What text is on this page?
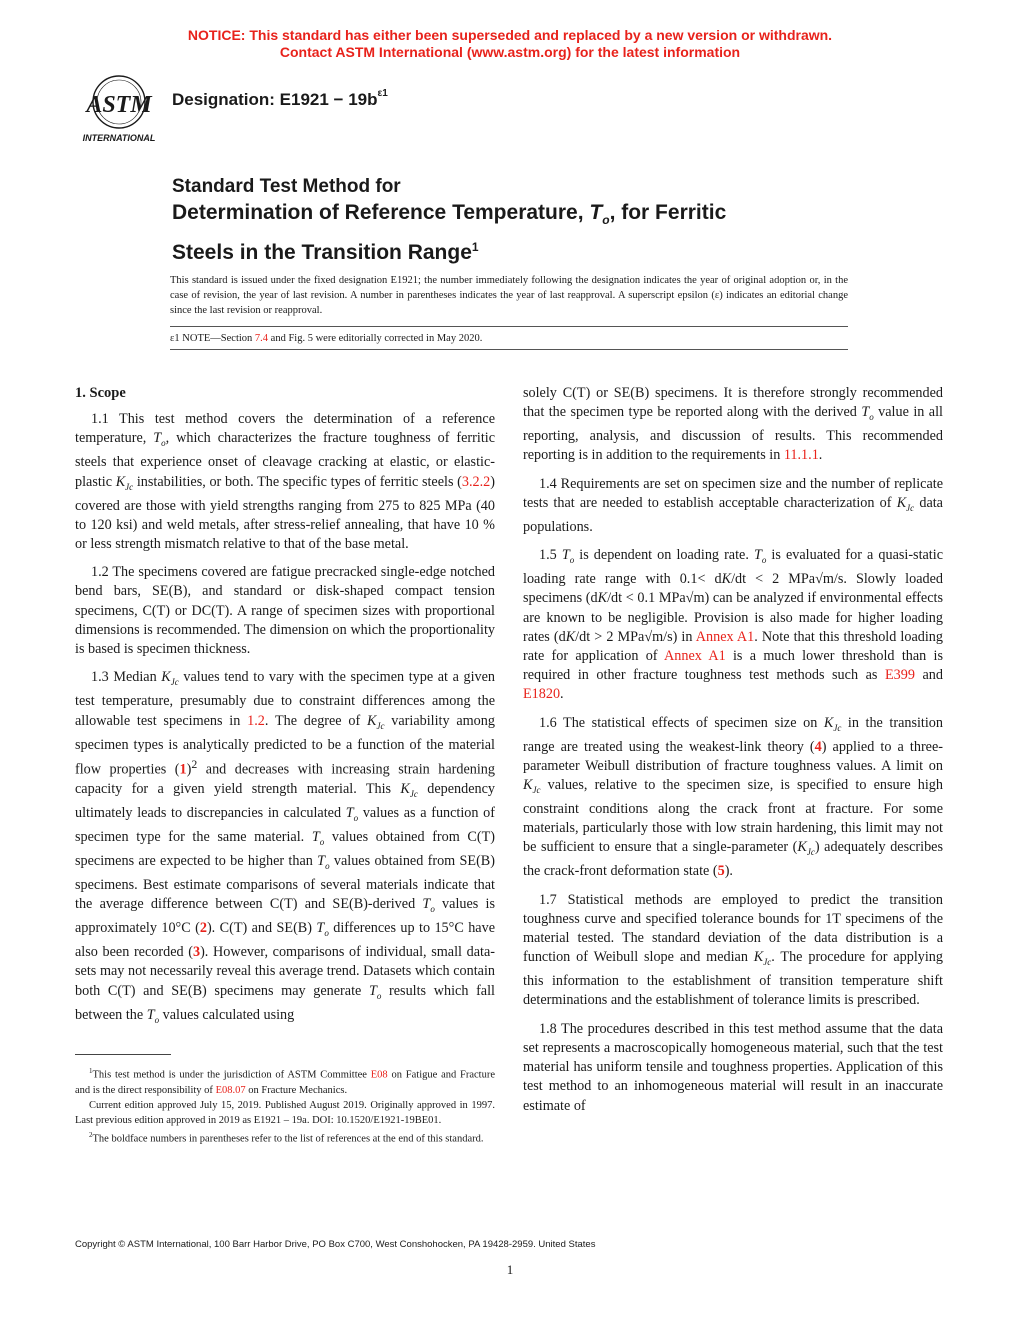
NOTICE: This standard has either been superseded and replaced by a new version or withdrawn.
Contact ASTM International (www.astm.org) for the latest information
ASTM
INTERNATIONAL
Designation: $E1921 - 19b^{\varepsilon 1}$
Standard Test Method for
Determination of Reference Temperature, $T_o$, for Ferritic
Steels in the Transition Range$^1$
This standard is issued under the fixed designation E1921; the number immediately following the designation indicates the year of original adoption or, in the case of revision, the year of last revision. A number in parentheses indicates the year of last reapproval. A superscript epsilon (ε) indicates an editorial change since the last revision or reapproval.
ε1 NOTE—Section 7.4 and Fig. 5 were editorially corrected in May 2020.
1. Scope

1.1 This test method covers the determination of a reference temperature, $T_o$, which characterizes the fracture toughness of ferritic steels that experience onset of cleavage cracking at elastic, or elastic-plastic $K_{Jc}$ instabilities, or both. The specific types of ferritic steels (3.2.2) covered are those with yield strengths ranging from 275 to 825 MPa (40 to 120 ksi) and weld metals, after stress-relief annealing, that have 10 % or less strength mismatch relative to that of the base metal.

1.2 The specimens covered are fatigue precracked single-edge notched bend bars, SE(B), and standard or disk-shaped compact tension specimens, C(T) or DC(T). A range of specimen sizes with proportional dimensions is recommended. The dimension on which the proportionality is based is specimen thickness.

1.3 Median $K_{Jc}$ values tend to vary with the specimen type at a given test temperature, presumably due to constraint differences among the allowable test specimens in 1.2. The degree of $K_{Jc}$ variability among specimen types is analytically predicted to be a function of the material flow properties $(1)^2$ and decreases with increasing strain hardening capacity for a given yield strength material. This $K_{Jc}$ dependency ultimately leads to discrepancies in calculated $T_o$ values as a function of specimen type for the same material. $T_o$ values obtained from C(T) specimens are expected to be higher than $T_o$ values obtained from SE(B) specimens. Best estimate comparisons of several materials indicate that the average difference between C(T) and SE(B)-derived $T_o$ values is approximately 10°C (2). C(T) and SE(B) $T_o$ differences up to 15°C have also been recorded (3). However, comparisons of individual, small data-sets may not necessarily reveal this average trend. Datasets which contain both C(T) and SE(B) specimens may generate $T_o$ results which fall between the $T_o$ values calculated using

$^1$This test method is under the jurisdiction of ASTM Committee E08 on Fatigue and Fracture and is the direct responsibility of E08.07 on Fracture Mechanics.

Current edition approved July 15, 2019. Published August 2019. Originally approved in 1997. Last previous edition approved in 2019 as E1921 – 19a. DOI: 10.1520/E1921-19BE01.

$^2$The boldface numbers in parentheses refer to the list of references at the end of this standard.

solely C(T) or SE(B) specimens. It is therefore strongly recommended that the specimen type be reported along with the derived $T_o$ value in all reporting, analysis, and discussion of results. This recommended reporting is in addition to the requirements in 11.1.1.

1.4 Requirements are set on specimen size and the number of replicate tests that are needed to establish acceptable characterization of $K_{Jc}$ data populations.

1.5 $T_o$ is dependent on loading rate. $T_o$ is evaluated for a quasi-static loading rate range with 0.1< dK/dt < 2 MPa√m/s. Slowly loaded specimens (dK/dt < 0.1 MPa√m) can be analyzed if environmental effects are known to be negligible. Provision is also made for higher loading rates (dK/dt > 2 MPa√m/s) in Annex A1. Note that this threshold loading rate for application of Annex A1 is a much lower threshold than is required in other fracture toughness test methods such as E399 and E1820.

1.6 The statistical effects of specimen size on $K_{Jc}$ in the transition range are treated using the weakest-link theory (4) applied to a three-parameter Weibull distribution of fracture toughness values. A limit on $K_{Jc}$ values, relative to the specimen size, is specified to ensure high constraint conditions along the crack front at fracture. For some materials, particularly those with low strain hardening, this limit may not be sufficient to ensure that a single-parameter $(K_{Jc})$ adequately describes the crack-front deformation state (5).

1.7 Statistical methods are employed to predict the transition toughness curve and specified tolerance bounds for 1T specimens of the material tested. The standard deviation of the data distribution is a function of Weibull slope and median $K_{Jc}$. The procedure for applying this information to the establishment of transition temperature shift determinations and the establishment of tolerance limits is prescribed.

1.8 The procedures described in this test method assume that the data set represents a macroscopically homogeneous material, such that the test material has uniform tensile and toughness properties. Application of this test method to an inhomogeneous material will result in an inaccurate estimate of

Copyright © ASTM International, 100 Barr Harbor Drive, PO Box C700, West Conshohocken, PA 19428-2959. United States
1
